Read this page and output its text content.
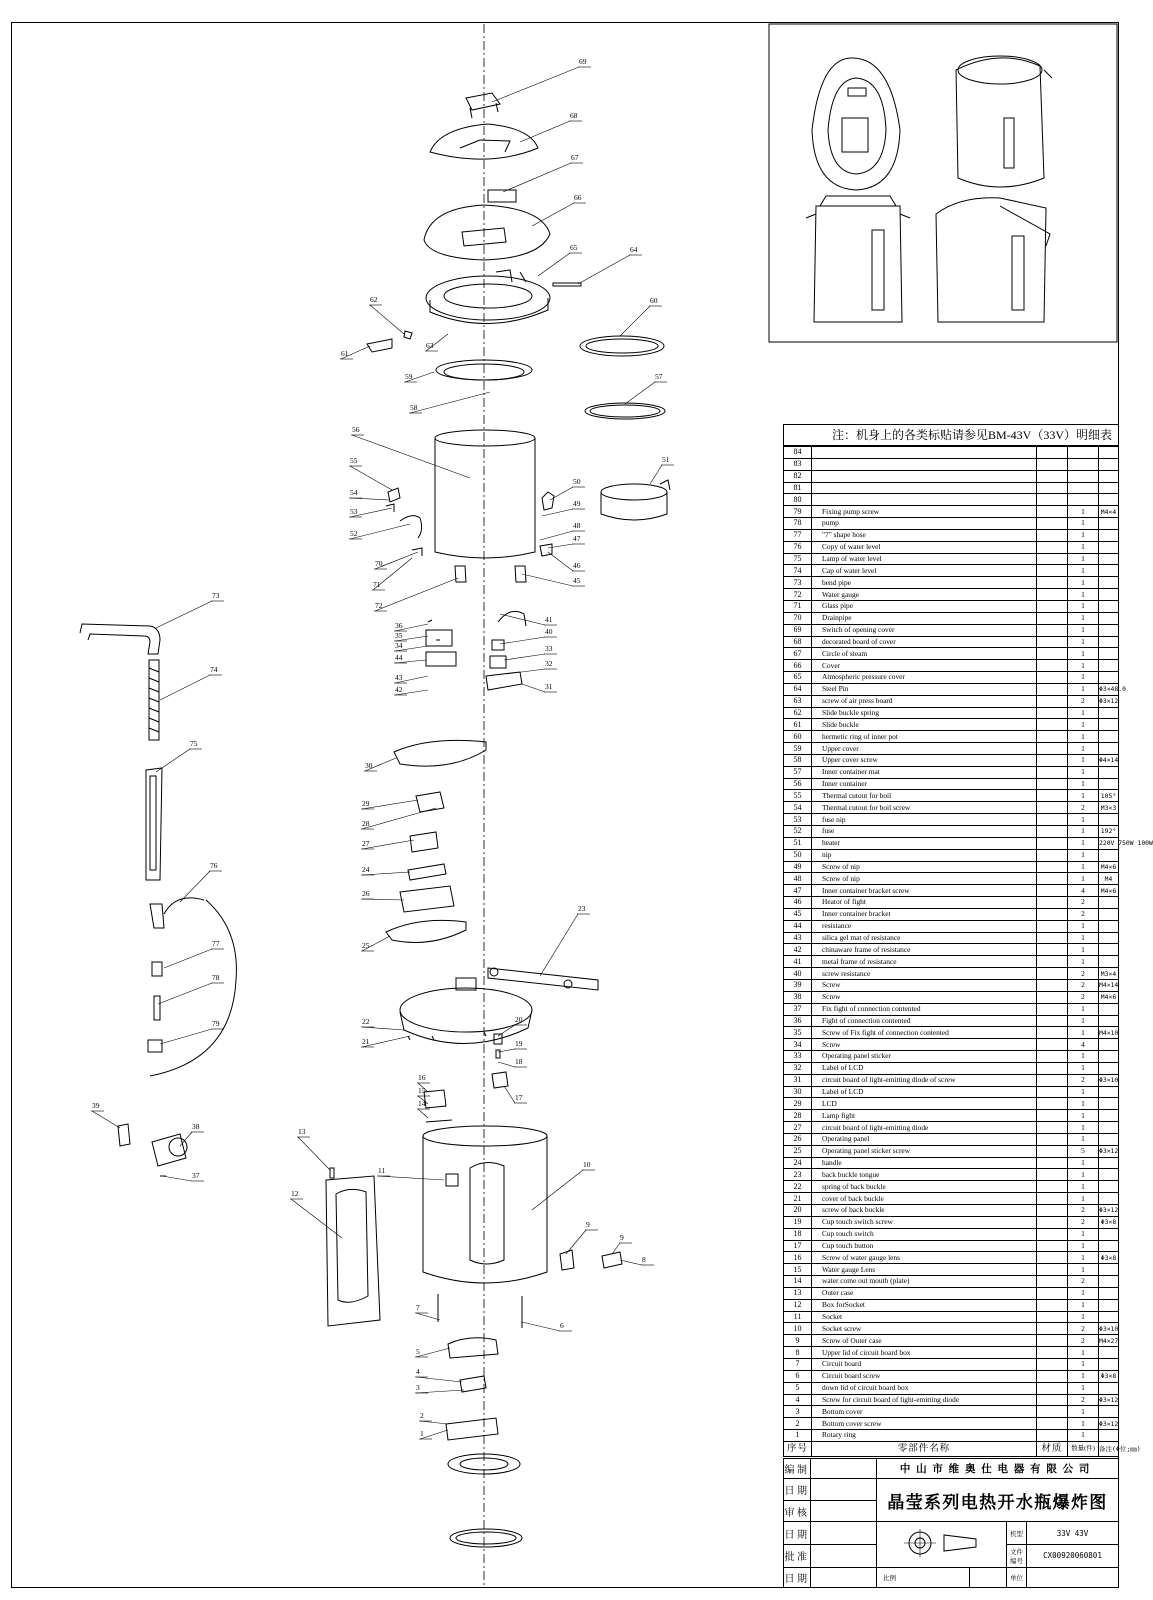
69
68
67
66
65	64
62
61
63
60
59
58
57
56
55
54
53
52
51
50
49
48
47
46
45
70
71
72
73
74
75
76
77
78
79
39
38
37
36
35
34
44
43
42
41
40
33
32
31
30
29
28
27
24
26
25
23
22
21
20
19
18
17
16
15
14
13
12
11
10
9
9
8
7
6
5
4
3
2
1
注：机身上的各类标贴请参见BM-43V（33V）明细表
84				
83				
82				
81				
80				
79	Fixing pump screw		1	M4×4
78	pump		1	
77	"7" shape hose		1	
76	Copy of water level		1	
75	Lamp of water level		1	
74	Cap of water level		1	
73	bend pipe		1	
72	Water gauge		1	
71	Glass pipe		1	
70	Drainpipe		1	
69	Switch of opening cover		1	
68	decorated board of cover		1	
67	Circle of steam		1	
66	Cover		1	
65	Atmospheric pressure cover		1	
64	Steel Pin		1	Φ3×48.0
63	screw of air press board		2	Φ3×12
62	Slide buckle spring		1	
61	Slide buckle		1	
60	hermetic ring of inner pot		1	
59	Upper cover		1	
58	Upper cover screw		1	Φ4×14
57	Inner container mat		1	
56	Inner container		1	
55	Thermal cutout for boil		1	105°
54	Thermal cutout for boil screw		2	M3×3
53	fuse nip		1	
52	fuse		1	192°
51	heater		1	220V 750W 100W
50	nip		1	
49	Screw of nip		1	M4×6
48	Screw of nip		1	M4
47	Inner container bracket screw		4	M4×6
46	Heator of fight		2	
45	Inner container bracket		2	
44	resistance		1	
43	silica gel mat of resistance		1	
42	chinaware frame of resistance		1	
41	metal frame of resistance		1	
40	screw resistance		2	M3×4
39	Screw		2	M4×14
38	Screw		2	M4×6
37	Fix fight of connection contented		1	
36	Fight of connection contented		1	
35	Screw of Fix fight of connection contented		1	M4×10
34	Screw		4	
33	Operating panel sticker		1	
32	Label of LCD		1	
31	circuit board of light-emitting diode of screw		2	Φ3×10
30	Label of LCD		1	
29	LCD		1	
28	Lamp fight		1	
27	circuit board of light-emitting diode		1	
26	Operating panel		1	
25	Operating panel sticker screw		5	Φ3×12
24	handle		1	
23	back buckle tongue		1	
22	spring of back buckle		1	
21	cover of back buckle		1	
20	screw of back buckle		2	Φ3×12
19	Cup touch switch screw		2	Φ3×8
18	Cup touch switch		1	
17	Cup touch button		1	
16	Screw of water gauge lens		1	Φ3×8
15	Water gauge Lens		1	
14	water come out mouth (plate)		2	
13	Outer case		1	
12	Box forSocket		1	
11	Socket		1	
10	Socket screw		2	Φ3×10
9	Screw of Outer case		2	M4×27
8	Upper lid of circuit board box		1	
7	Circuit board		1	
6	Circuit board screw		1	Φ3×8
5	down lid of circuit board box		1	
4	Screw for circuit board of light-emitting diode		2	Φ3×12
3	Bottom cover		1	
2	Bottom cover screw		1	Φ3×12
1	Rotary ring		1	
序号	零部件名称	材质	数量(件)	备注(Φ位;㎜)
编制		中山市维奥仕电器有限公司			
日期		晶莹系列电热开水瓶爆炸图			
审核					
日期				机型	33V 43V
批准				文件编号	CX00920060801
日期		比例		单位	
